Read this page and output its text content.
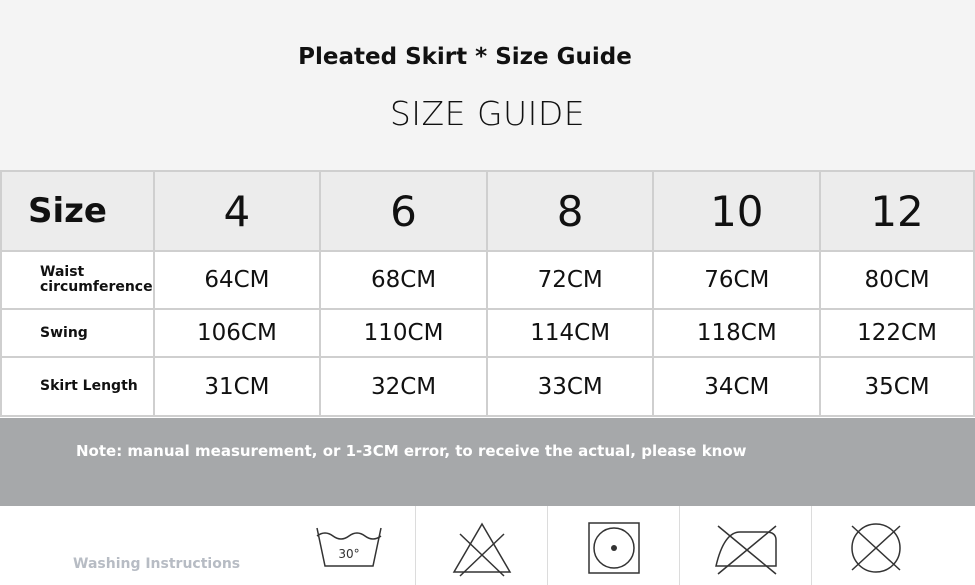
Pleated Skirt * Size Guide
SIZE GUIDE
Size	4	6	8	10	12
Waist circumference	64CM	68CM	72CM	76CM	80CM
Swing	106CM	110CM	114CM	118CM	122CM
Skirt Length	31CM	32CM	33CM	34CM	35CM
Note: manual measurement, or 1-3CM error, to receive the actual, please know
Washing Instructions
30°
